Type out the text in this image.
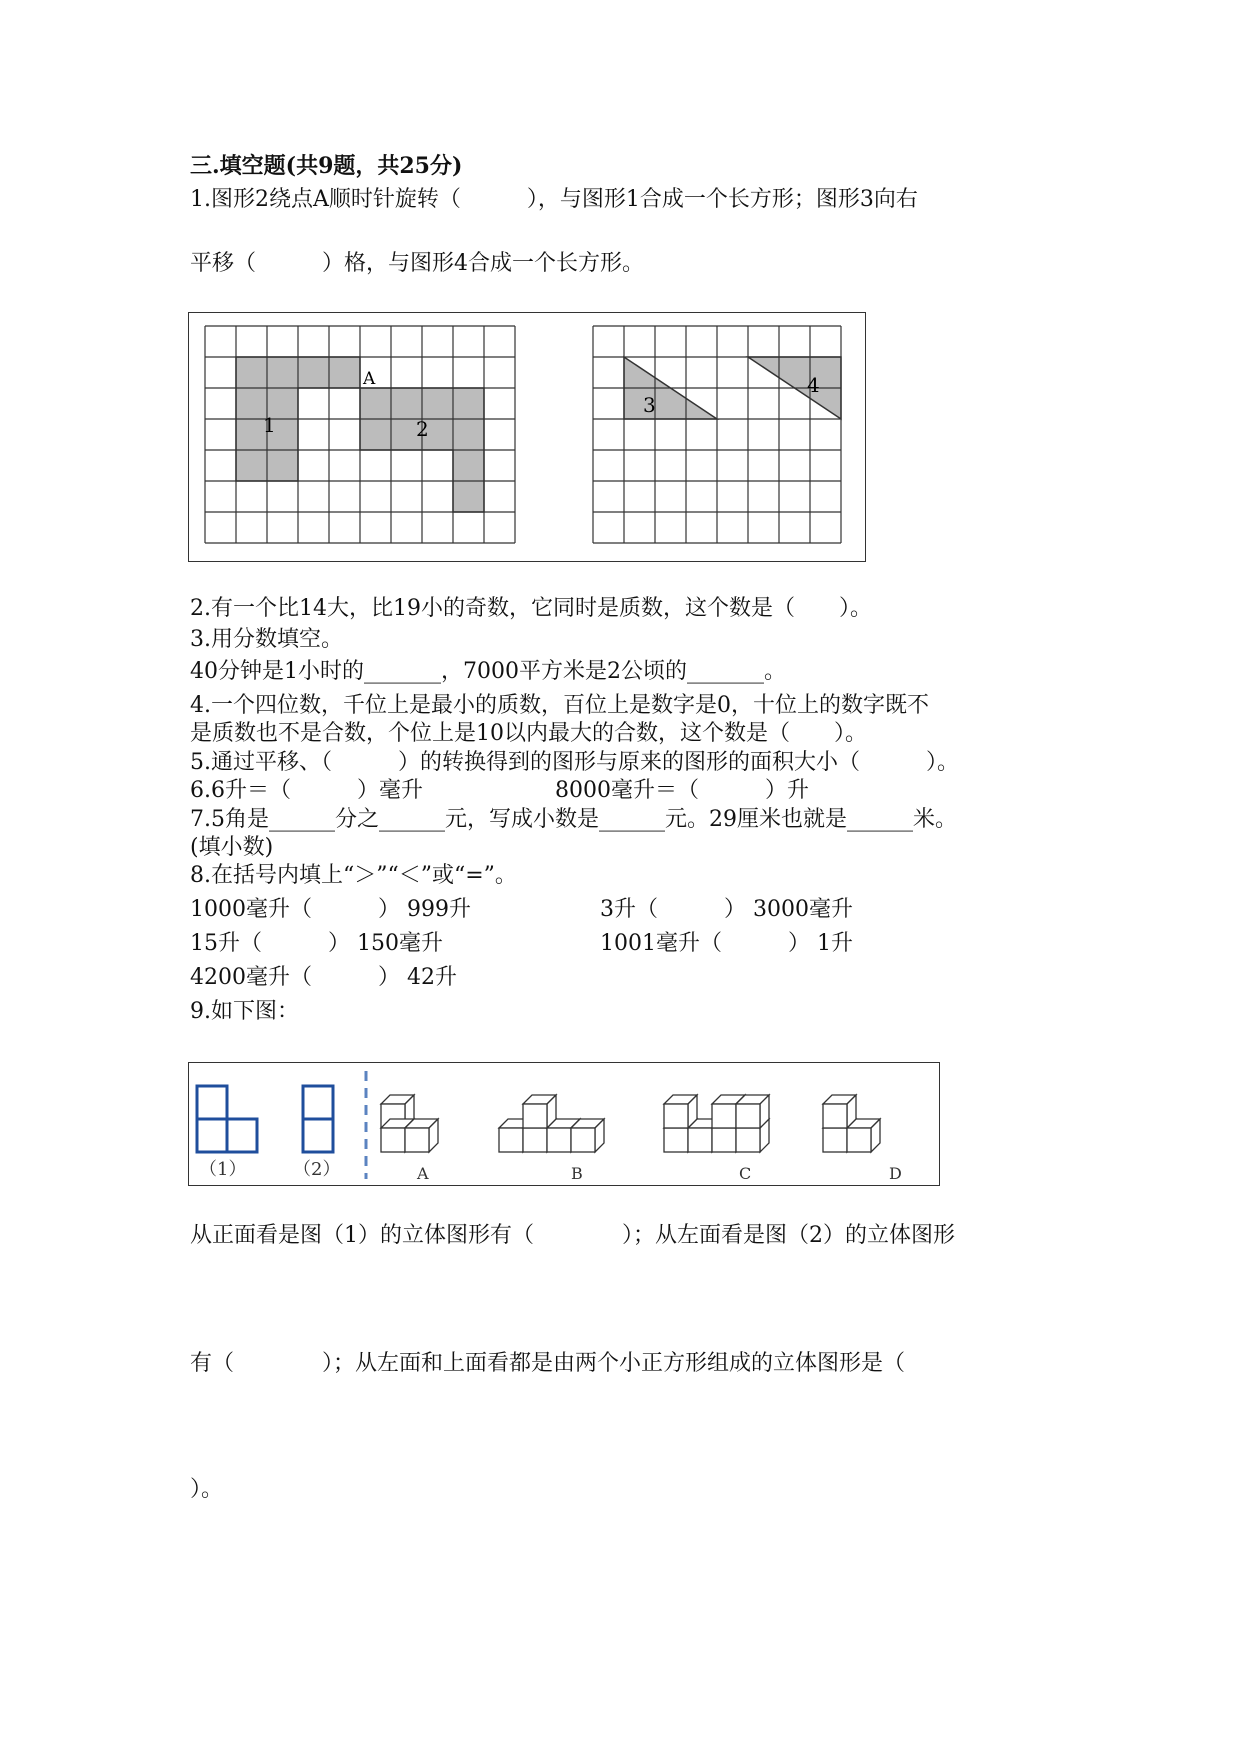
三.填空题(共9题，共25分)
1.图形2绕点A顺时针旋转（　　　），与图形1合成一个长方形；图形3向右
平移（　　　）格，与图形4合成一个长方形。
1	2
A
3
4
2.有一个比14大，比19小的奇数，它同时是质数，这个数是（　　）。
3.用分数填空。
40分钟是1小时的_______，7000平方米是2公顷的_______。
4.一个四位数，千位上是最小的质数，百位上是数字是0，十位上的数字既不
是质数也不是合数，个位上是10以内最大的合数，这个数是（　　）。
5.通过平移、（　　　）的转换得到的图形与原来的图形的面积大小（　　　）。
6.6升＝（　　　）毫升	8000毫升＝（　　　）升
7.5角是______分之______元，写成小数是______元。29厘米也就是______米。
(填小数)
8.在括号内填上“＞”“＜”或“=”。
1000毫升（　　　） 999升	3升（　　　） 3000毫升
15升（　　　） 150毫升	1001毫升（　　　） 1升
4200毫升（　　　） 42升
9.如下图：
（1）	（2）	A	B	C	D
从正面看是图（1）的立体图形有（　　　　）；从左面看是图（2）的立体图形
有（　　　　）；从左面和上面看都是由两个小正方形组成的立体图形是（
）。
